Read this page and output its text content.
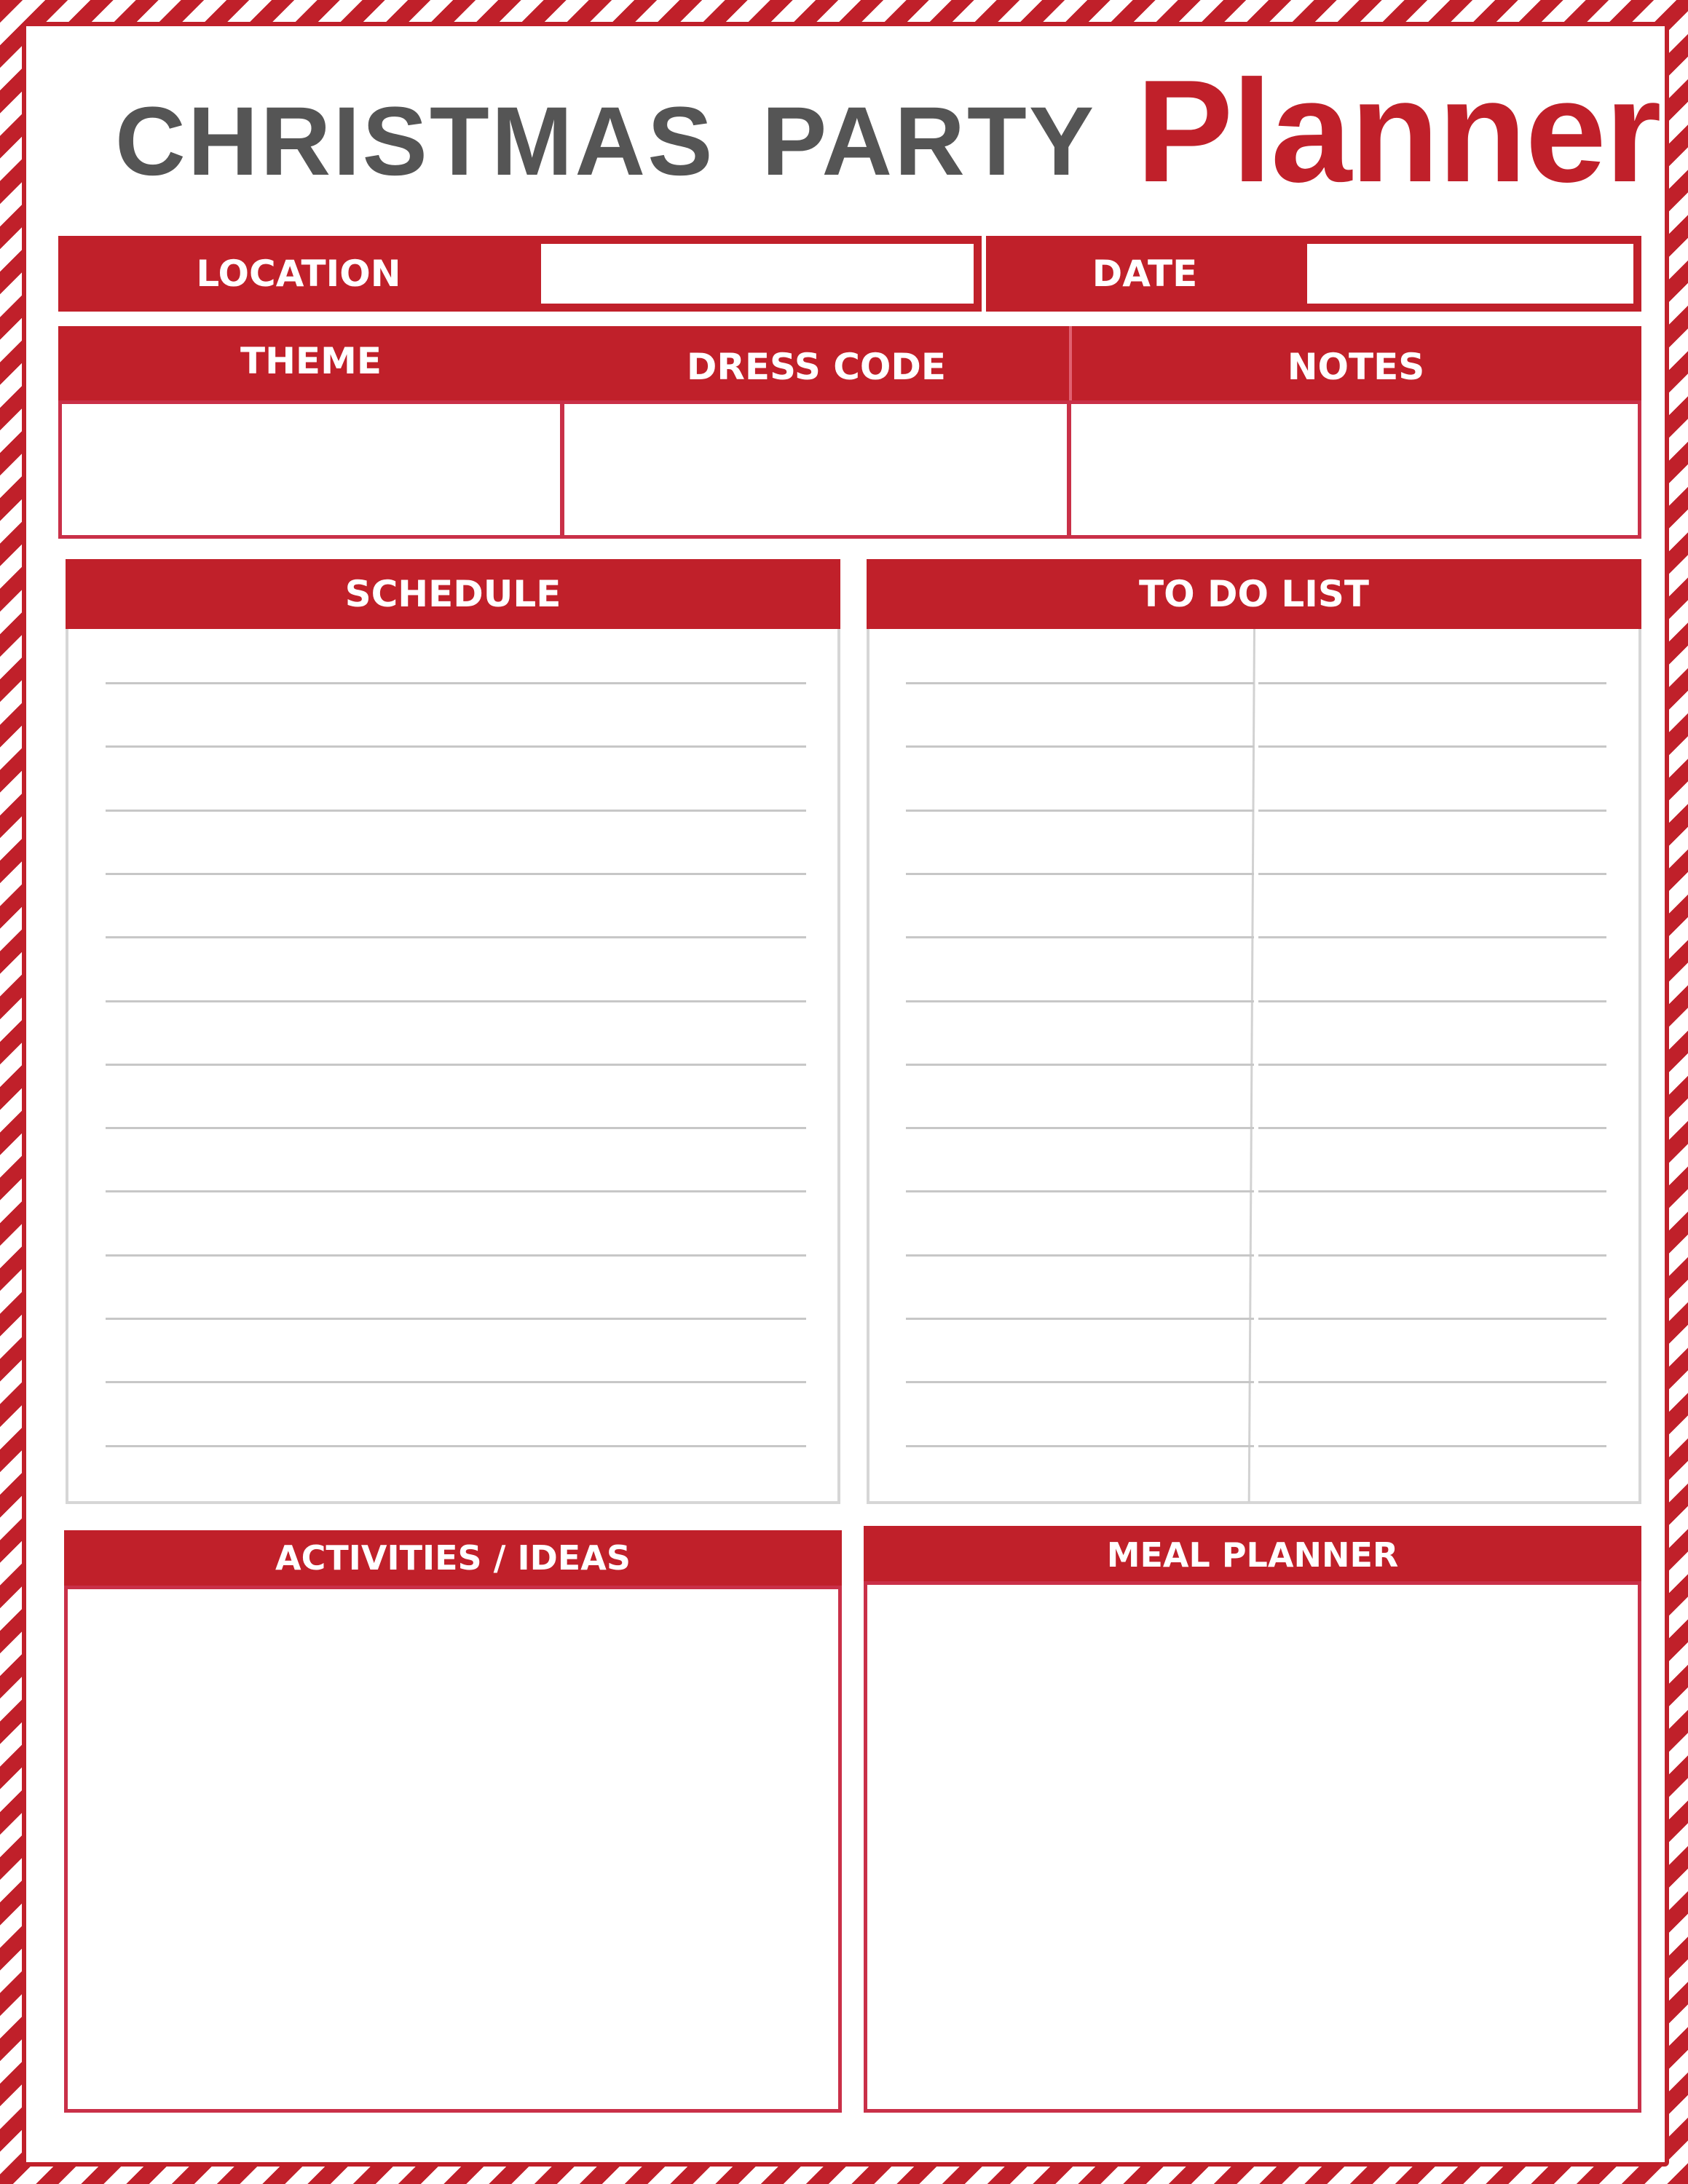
CHRISTMAS PARTY Planner
LOCATION	DATE
THEME	DRESS CODE	NOTES
SCHEDULE	TO DO LIST
ACTIVITIES / IDEAS	MEAL PLANNER
